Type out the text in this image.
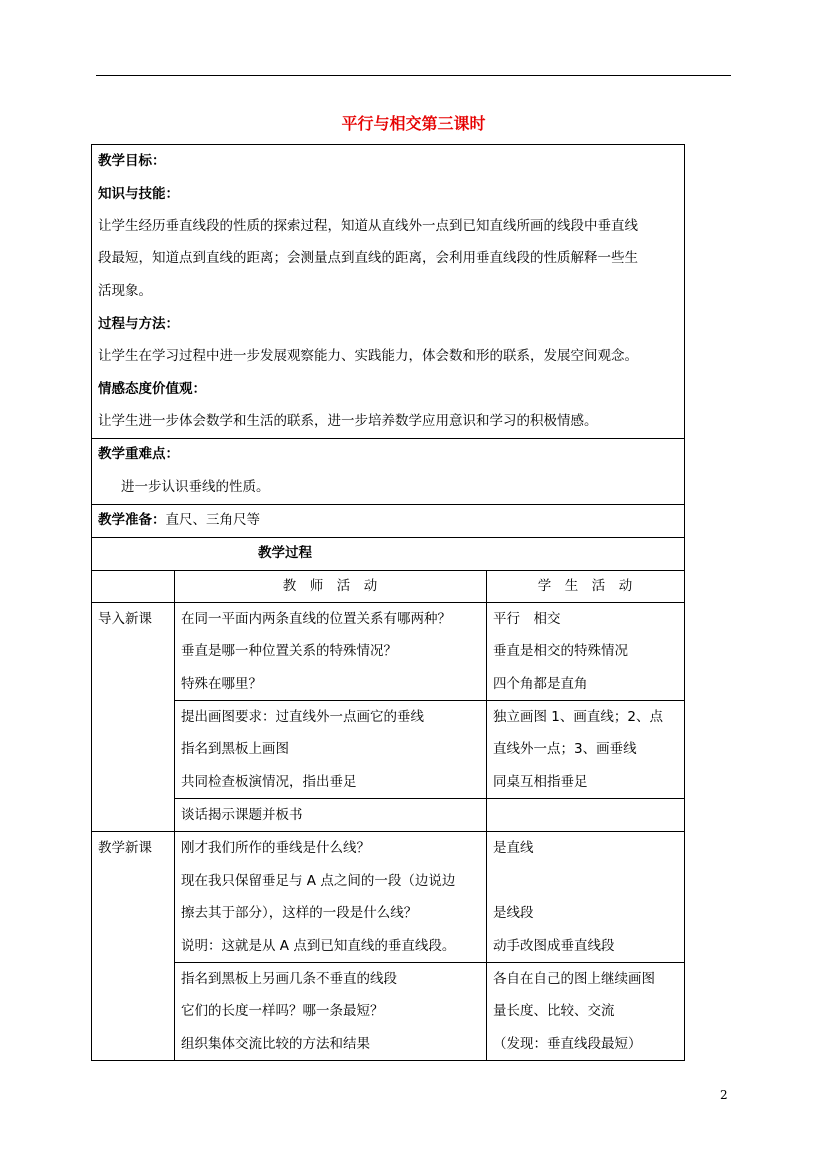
平行与相交第三课时
教学目标：
知识与技能：
让学生经历垂直线段的性质的探索过程，知道从直线外一点到已知直线所画的线段中垂直线
段最短，知道点到直线的距离；会测量点到直线的距离，会利用垂直线段的性质解释一些生
活现象。
过程与方法：
让学生在学习过程中进一步发展观察能力、实践能力，体会数和形的联系，发展空间观念。
情感态度价值观：
让学生进一步体会数学和生活的联系，进一步培养数学应用意识和学习的积极情感。
教学重难点：
进一步认识垂线的性质。
教学准备：直尺、三角尺等
教学过程
教　师　活　动	学　生　活　动
导入新课
教学新课
在同一平面内两条直线的位置关系有哪两种？
垂直是哪一种位置关系的特殊情况？
特殊在哪里？
平行　相交
垂直是相交的特殊情况
四个角都是直角
提出画图要求：过直线外一点画它的垂线
指名到黑板上画图
共同检查板演情况，指出垂足
独立画图 1、画直线；2、点
直线外一点；3、画垂线
同桌互相指垂足
谈话揭示课题并板书
刚才我们所作的垂线是什么线？
现在我只保留垂足与 A 点之间的一段（边说边
擦去其于部分），这样的一段是什么线？
说明：这就是从 A 点到已知直线的垂直线段。
是直线
是线段
动手改图成垂直线段
指名到黑板上另画几条不垂直的线段
它们的长度一样吗？哪一条最短？
组织集体交流比较的方法和结果
各自在自己的图上继续画图
量长度、比较、交流
（发现：垂直线段最短）
2
